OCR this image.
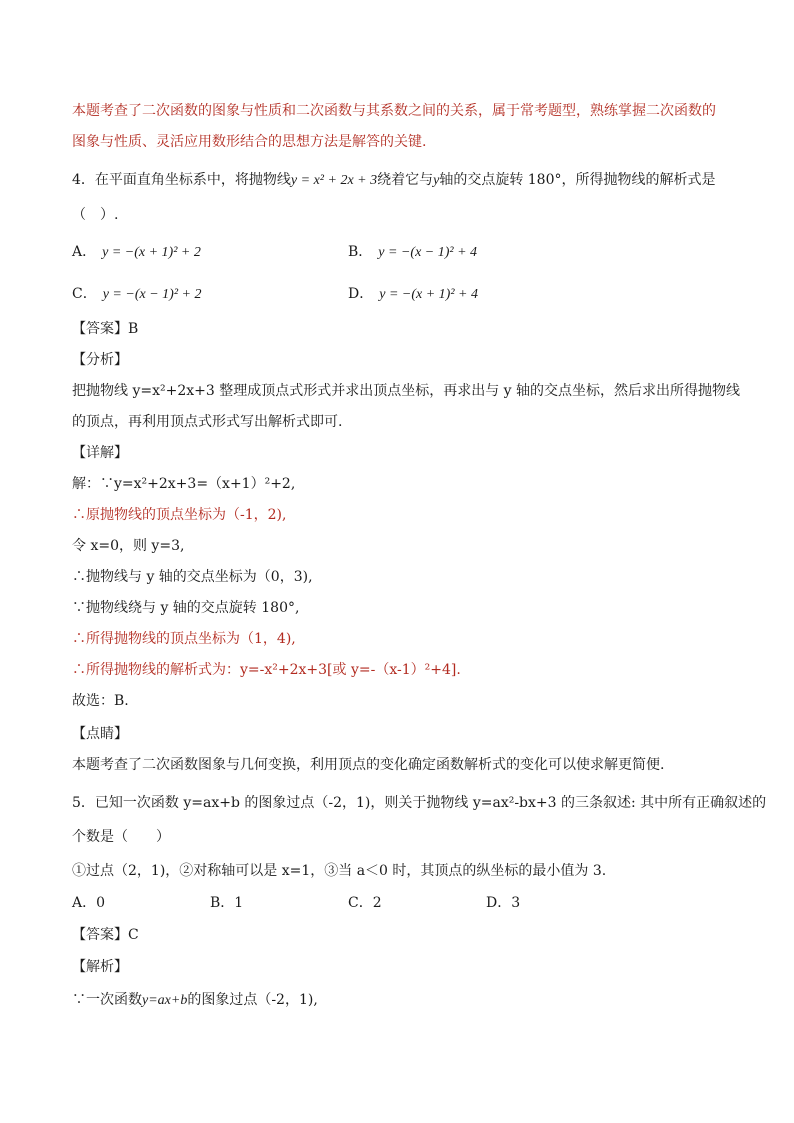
本题考查了二次函数的图象与性质和二次函数与其系数之间的关系，属于常考题型，熟练掌握二次函数的
图象与性质、灵活应用数形结合的思想方法是解答的关键.
4．在平面直角坐标系中，将抛物线y = x² + 2x + 3绕着它与y轴的交点旋转 180°，所得抛物线的解析式是
（　）.
A． y = −(x + 1)² + 2	B． y = −(x − 1)² + 4
C． y = −(x − 1)² + 2	D． y = −(x + 1)² + 4
【答案】B
【分析】
把抛物线 y=x²+2x+3 整理成顶点式形式并求出顶点坐标，再求出与 y 轴的交点坐标，然后求出所得抛物线
的顶点，再利用顶点式形式写出解析式即可.
【详解】
解：∵y=x²+2x+3=（x+1）²+2,
∴原抛物线的顶点坐标为（-1，2),
令 x=0，则 y=3,
∴抛物线与 y 轴的交点坐标为（0，3),
∵抛物线绕与 y 轴的交点旋转 180°,
∴所得抛物线的顶点坐标为（1，4),
∴所得抛物线的解析式为：y=-x²+2x+3[或 y=-（x-1）²+4].
故选：B.
【点睛】
本题考查了二次函数图象与几何变换，利用顶点的变化确定函数解析式的变化可以使求解更简便.
5．已知一次函数 y=ax+b 的图象过点（-2，1)，则关于抛物线 y=ax²-bx+3 的三条叙述: 其中所有正确叙述的
个数是（　　）
①过点（2，1)，②对称轴可以是 x=1，③当 a＜0 时，其顶点的纵坐标的最小值为 3.
A．0	B．1	C．2	D．3
【答案】C
【解析】
∵一次函数y=ax+b的图象过点（-2，1),
